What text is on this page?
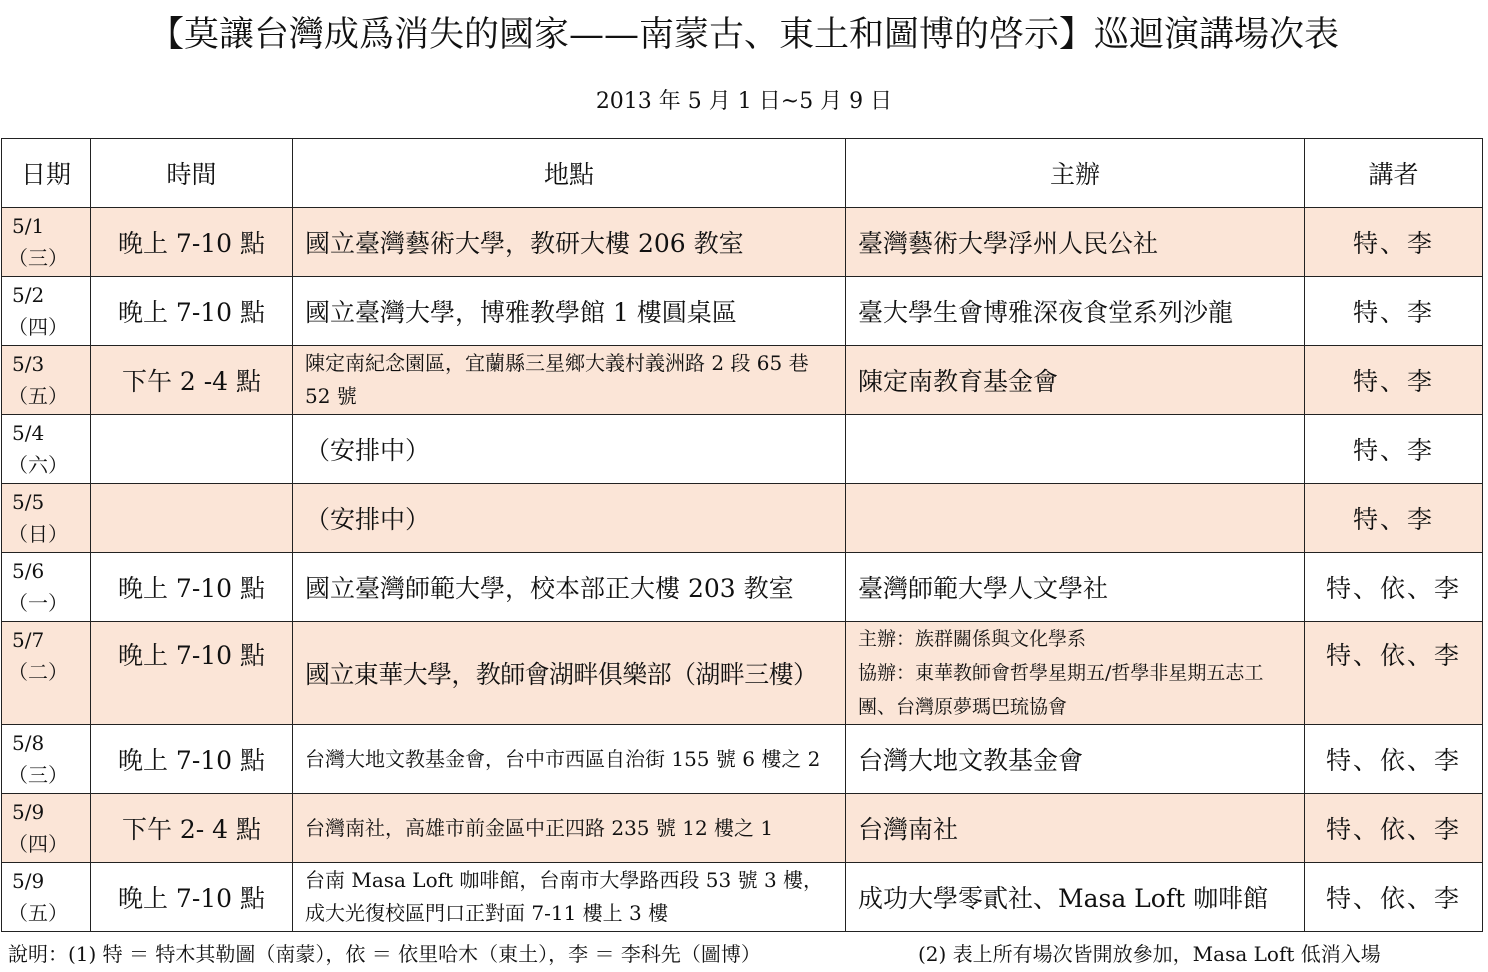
【莫讓台灣成爲消失的國家——南蒙古、東土和圖博的啓示】巡迴演講場次表
2013 年 5 月 1 日~5 月 9 日
日期	時間	地點	主辦	講者

5/1
（三）	晚上 7-10 點	國立臺灣藝術大學，教研大樓 206 教室	臺灣藝術大學浮州人民公社	特、李

5/2
（四）	晚上 7-10 點	國立臺灣大學，博雅教學館 1 樓圓桌區	臺大學生會博雅深夜食堂系列沙龍	特、李

5/3
（五）	下午 2 -4 點	陳定南紀念園區，宜蘭縣三星鄉大義村義洲路 2 段 65 巷 52 號	陳定南教育基金會	特、李

5/4
（六）		（安排中）		特、李

5/5
（日）		（安排中）		特、李

5/6
（一）	晚上 7-10 點	國立臺灣師範大學，校本部正大樓 203 教室	臺灣師範大學人文學社	特、依、李

5/7
（二）	晚上 7-10 點	國立東華大學，教師會湖畔俱樂部（湖畔三樓）	主辦：族群關係與文化學系
協辦：東華教師會哲學星期五/哲學非星期五志工團、台灣原夢瑪巴琉協會	特、依、李

5/8
（三）	晚上 7-10 點	台灣大地文教基金會，台中市西區自治街 155 號 6 樓之 2	台灣大地文教基金會	特、依、李

5/9
（四）	下午 2- 4 點	台灣南社，高雄市前金區中正四路 235 號 12 樓之 1	台灣南社	特、依、李

5/9
（五）	晚上 7-10 點	台南 Masa Loft 咖啡館，台南市大學路西段 53 號 3 樓，成大光復校區門口正對面 7-11 樓上 3 樓	成功大學零貳社、Masa Loft 咖啡館	特、依、李
說明：(1) 特 ＝ 特木其勒圖（南蒙），依 ＝ 依里哈木（東土），李 ＝ 李科先（圖博）	(2) 表上所有場次皆開放參加，Masa Loft 低消入場
